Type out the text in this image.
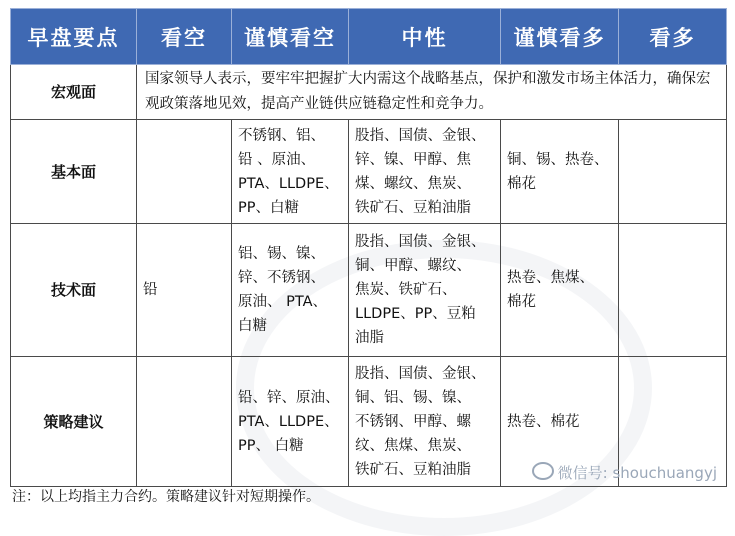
早盘要点	看空	谨慎看空	中性	谨慎看多	看多
宏观面	国家领导人表示，要牢牢把握扩大内需这个战略基点，保护和激发市场主体活力，确保宏观政策落地见效，提高产业链供应链稳定性和竞争力。				
基本面		不锈钢、铝、
铅 、原油、
PTA、LLDPE、
PP、白糖	股指、国债、金银、
锌、镍、甲醇、焦
煤、螺纹、焦炭、
铁矿石、豆粕油脂	铜、锡、热卷、
棉花	
技术面	铅	铝、锡、镍、
锌、不锈钢、
原油、 PTA、
白糖	股指、国债、金银、
铜、甲醇、螺纹、
焦炭、铁矿石、
LLDPE、PP、豆粕
油脂	热卷、焦煤、
棉花	
策略建议		铅、锌、原油、
PTA、LLDPE、
PP、 白糖	股指、国债、金银、
铜、铝、锡、镍、
不锈钢、甲醇、螺
纹、焦煤、焦炭、
铁矿石、豆粕油脂	热卷、棉花	
微信号: shouchuangyj
注：以上均指主力合约。策略建议针对短期操作。
